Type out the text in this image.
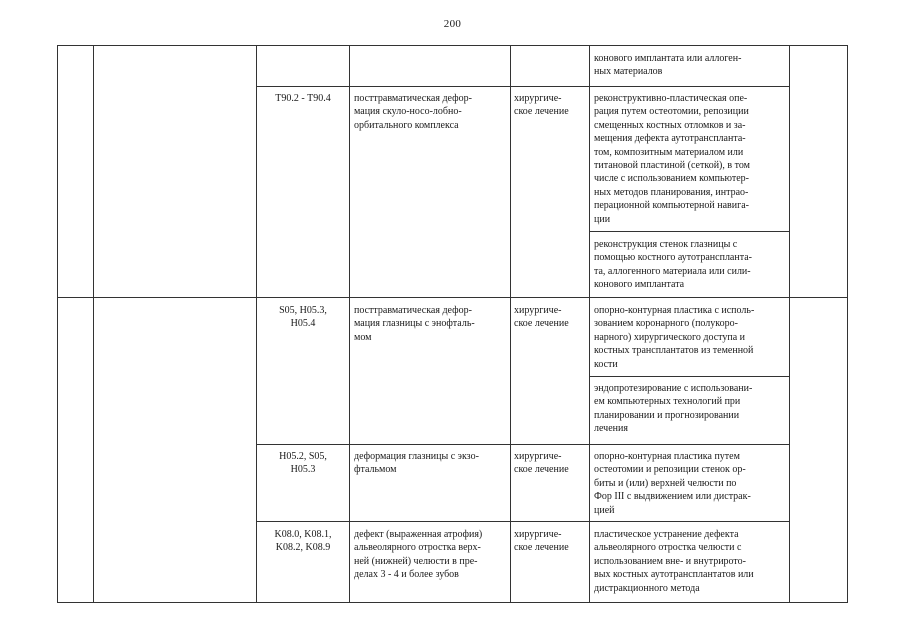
200
конового имплантата или аллоген-
ных материалов
Т90.2 - Т90.4	посттравматическая дефор-
мация скуло-носо-лобно-
орбитального комплекса
хирургиче-
ское лечение
реконструктивно-пластическая опе-
рация путем остеотомии, репозиции
смещенных костных отломков и за-
мещения дефекта аутотранспланта-
том, композитным материалом или
титановой пластиной (сеткой), в том
числе с использованием компьютер-
ных методов планирования, интрао-
перационной компьютерной навига-
ции
реконструкция стенок глазницы с
помощью костного аутотранспланта-
та, аллогенного материала или сили-
конового имплантата
S05, H05.3,
H05.4
посттравматическая дефор-
мация глазницы с энофталь-
мом
хирургиче-
ское лечение
опорно-контурная пластика с исполь-
зованием коронарного (полукоро-
нарного) хирургического доступа и
костных трансплантатов из теменной
кости
эндопротезирование с использовани-
ем компьютерных технологий при
планировании и прогнозировании
лечения
H05.2, S05,
H05.3
деформация глазницы с экзо-
фтальмом
хирургиче-
ское лечение
опорно-контурная пластика путем
остеотомии и репозиции стенок ор-
биты и (или) верхней челюсти по
Фор III с выдвижением или дистрак-
цией
K08.0, K08.1,
K08.2, K08.9
дефект (выраженная атрофия)
альвеолярного отростка верх-
ней (нижней) челюсти в пре-
делах 3 - 4 и более зубов
хирургиче-
ское лечение
пластическое устранение дефекта
альвеолярного отростка челюсти с
использованием вне- и внутрирото-
вых костных аутотрансплантатов или
дистракционного метода
